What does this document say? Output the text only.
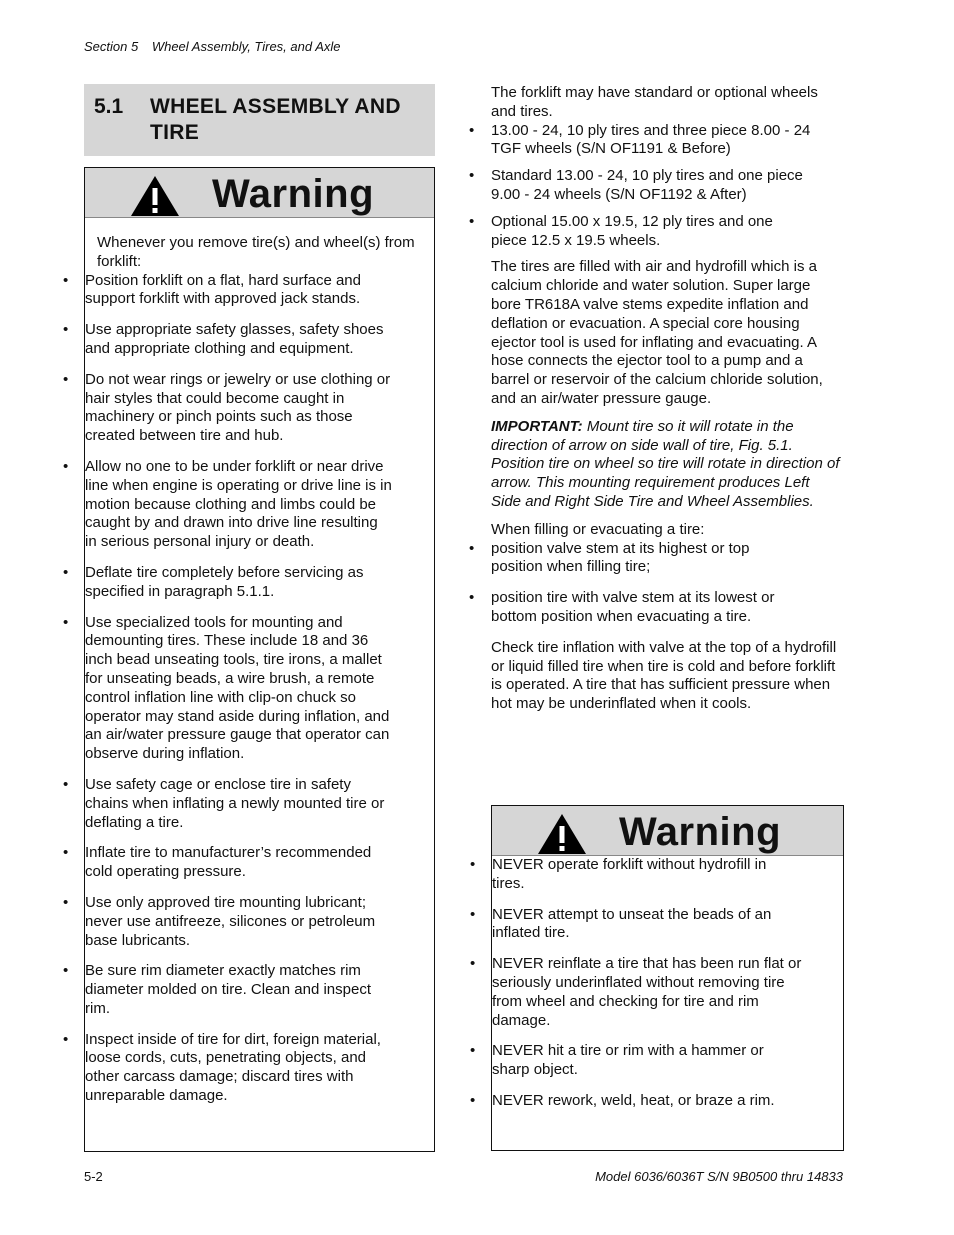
Section 5 Wheel Assembly, Tires, and Axle
5.1 WHEEL ASSEMBLY AND TIRE
Warning
Whenever you remove tire(s) and wheel(s) from forklift:
• Position forklift on a flat, hard surface and support forklift with approved jack stands.
• Use appropriate safety glasses, safety shoes and appropriate clothing and equipment.
• Do not wear rings or jewelry or use clothing or hair styles that could become caught in machinery or pinch points such as those created between tire and hub.
• Allow no one to be under forklift or near drive line when engine is operating or drive line is in motion because clothing and limbs could be caught by and drawn into drive line resulting in serious personal injury or death.
• Deflate tire completely before servicing as specified in paragraph 5.1.1.
• Use specialized tools for mounting and demounting tires. These include 18 and 36 inch bead unseating tools, tire irons, a mallet for unseating beads, a wire brush, a remote control inflation line with clip-on chuck so operator may stand aside during inflation, and an air/water pressure gauge that operator can observe during inflation.
• Use safety cage or enclose tire in safety chains when inflating a newly mounted tire or deflating a tire.
• Inflate tire to manufacturer’s recommended cold operating pressure.
• Use only approved tire mounting lubricant; never use antifreeze, silicones or petroleum base lubricants.
• Be sure rim diameter exactly matches rim diameter molded on tire. Clean and inspect rim.
• Inspect inside of tire for dirt, foreign material, loose cords, cuts, penetrating objects, and other carcass damage; discard tires with unreparable damage.

The forklift may have standard or optional wheels and tires.

• 13.00 - 24, 10 ply tires and three piece 8.00 - 24 TGF wheels (S/N OF1191 & Before)
• Standard 13.00 - 24, 10 ply tires and one piece 9.00 - 24 wheels (S/N OF1192 & After)
• Optional 15.00 x 19.5, 12 ply tires and one piece 12.5 x 19.5 wheels.

The tires are filled with air and hydrofill which is a calcium chloride and water solution. Super large bore TR618A valve stems expedite inflation and deflation or evacuation. A special core housing ejector tool is used for inflating and evacuating. A hose connects the ejector tool to a pump and a barrel or reservoir of the calcium chloride solution, and an air/water pressure gauge.

IMPORTANT: Mount tire so it will rotate in the direction of arrow on side wall of tire, Fig. 5.1. Position tire on wheel so tire will rotate in direction of arrow. This mounting requirement produces Left Side and Right Side Tire and Wheel Assemblies.

When filling or evacuating a tire:

• position valve stem at its highest or top position when filling tire;
• position tire with valve stem at its lowest or bottom position when evacuating a tire.

Check tire inflation with valve at the top of a hydrofill or liquid filled tire when tire is cold and before forklift is operated. A tire that has sufficient pressure when hot may be underinflated when it cools.

Warning
• NEVER operate forklift without hydrofill in tires.
• NEVER attempt to unseat the beads of an inflated tire.
• NEVER reinflate a tire that has been run flat or seriously underinflated without removing tire from wheel and checking for tire and rim damage.
• NEVER hit a tire or rim with a hammer or sharp object.
• NEVER rework, weld, heat, or braze a rim.
5-2	Model 6036/6036T S/N 9B0500 thru 14833
